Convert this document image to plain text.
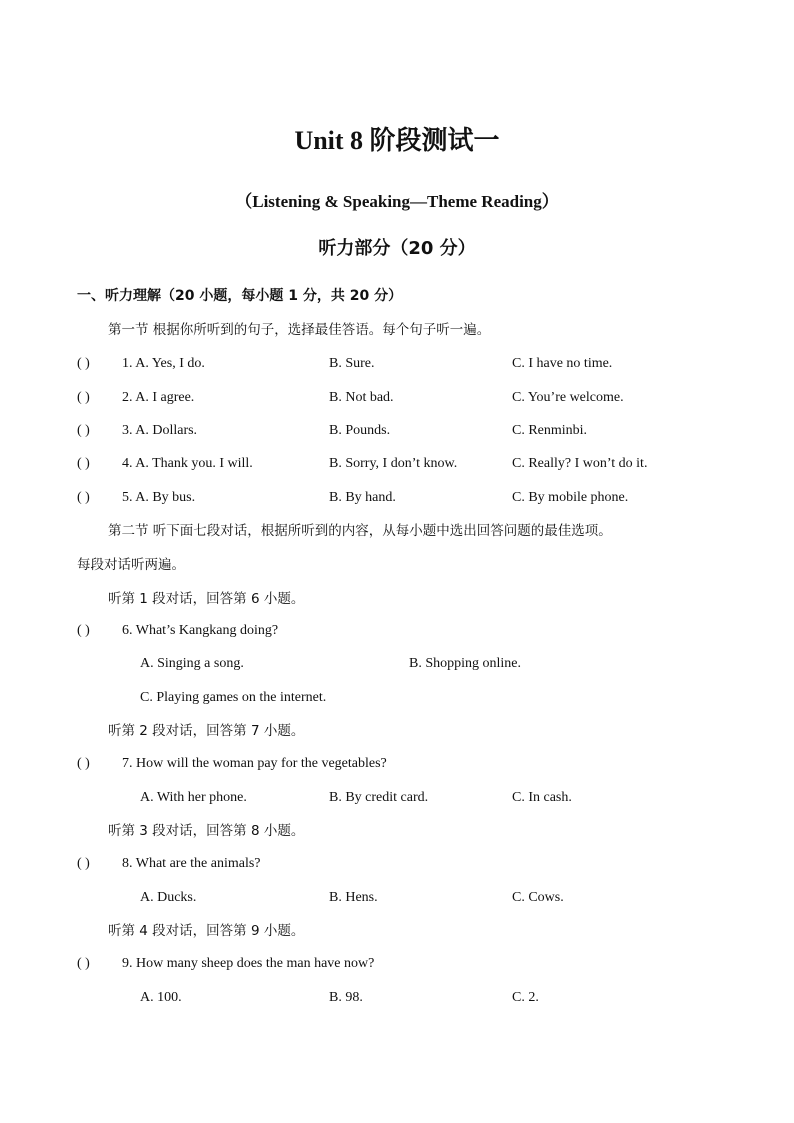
Unit 8 阶段测试一
（Listening & Speaking—Theme Reading）
听力部分（20 分）
一、听力理解（20 小题，每小题 1 分，共 20 分）
第一节 根据你所听到的句子，选择最佳答语。每个句子听一遍。
( ) 1. A. Yes, I do.	B. Sure.	C. I have no time.
( ) 2. A. I agree.	B. Not bad.	C. You’re welcome.
( ) 3. A. Dollars.	B. Pounds.	C. Renminbi.
( ) 4. A. Thank you. I will.	B. Sorry, I don’t know.	C. Really? I won’t do it.
( ) 5. A. By bus.	B. By hand.	C. By mobile phone.
第二节 听下面七段对话，根据所听到的内容，从每小题中选出回答问题的最佳选项。
每段对话听两遍。
听第 1 段对话，回答第 6 小题。
( ) 6. What’s Kangkang doing?
A. Singing a song.	B. Shopping online.
C. Playing games on the internet.
听第 2 段对话，回答第 7 小题。
( ) 7. How will the woman pay for the vegetables?
A. With her phone.	B. By credit card.	C. In cash.
听第 3 段对话，回答第 8 小题。
( ) 8. What are the animals?
A. Ducks.	B. Hens.	C. Cows.
听第 4 段对话，回答第 9 小题。
( ) 9. How many sheep does the man have now?
A. 100.	B. 98.	C. 2.
